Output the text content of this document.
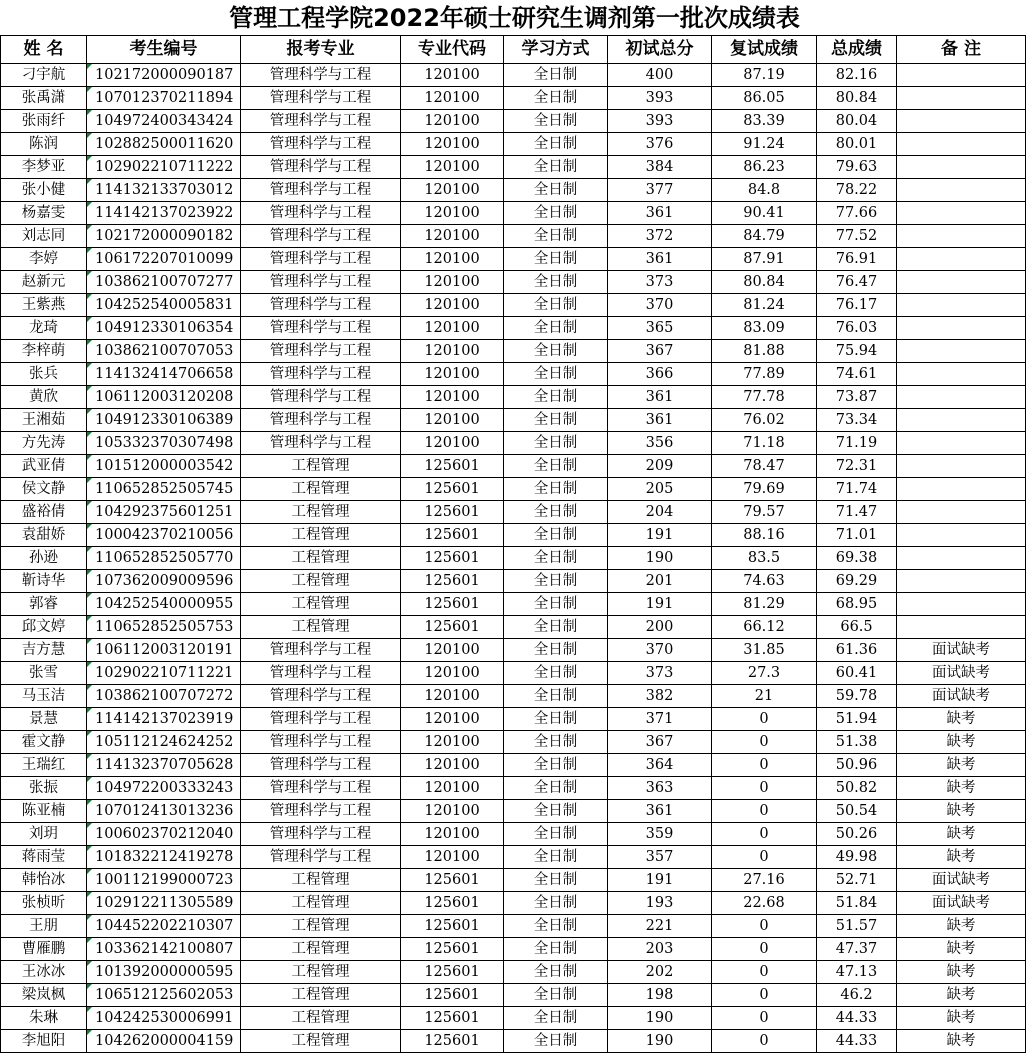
管理工程学院2022年硕士研究生调剂第一批次成绩表
姓 名	考生编号	报考专业	专业代码	学习方式	初试总分	复试成绩	总成绩	备 注
刁宇航	102172000090187	管理科学与工程	120100	全日制	400	87.19	82.16	
张禹潇	107012370211894	管理科学与工程	120100	全日制	393	86.05	80.84	
张雨纤	104972400343424	管理科学与工程	120100	全日制	393	83.39	80.04	
陈润	102882500011620	管理科学与工程	120100	全日制	376	91.24	80.01	
李梦亚	102902210711222	管理科学与工程	120100	全日制	384	86.23	79.63	
张小健	114132133703012	管理科学与工程	120100	全日制	377	84.8	78.22	
杨嘉雯	114142137023922	管理科学与工程	120100	全日制	361	90.41	77.66	
刘志同	102172000090182	管理科学与工程	120100	全日制	372	84.79	77.52	
李婷	106172207010099	管理科学与工程	120100	全日制	361	87.91	76.91	
赵新元	103862100707277	管理科学与工程	120100	全日制	373	80.84	76.47	
王紫燕	104252540005831	管理科学与工程	120100	全日制	370	81.24	76.17	
龙琦	104912330106354	管理科学与工程	120100	全日制	365	83.09	76.03	
李梓萌	103862100707053	管理科学与工程	120100	全日制	367	81.88	75.94	
张兵	114132414706658	管理科学与工程	120100	全日制	366	77.89	74.61	
黄欣	106112003120208	管理科学与工程	120100	全日制	361	77.78	73.87	
王湘茹	104912330106389	管理科学与工程	120100	全日制	361	76.02	73.34	
方先涛	105332370307498	管理科学与工程	120100	全日制	356	71.18	71.19	
武亚倩	101512000003542	工程管理	125601	全日制	209	78.47	72.31	
侯文静	110652852505745	工程管理	125601	全日制	205	79.69	71.74	
盛裕倩	104292375601251	工程管理	125601	全日制	204	79.57	71.47	
袁甜娇	100042370210056	工程管理	125601	全日制	191	88.16	71.01	
孙逊	110652852505770	工程管理	125601	全日制	190	83.5	69.38	
靳诗华	107362009009596	工程管理	125601	全日制	201	74.63	69.29	
郭睿	104252540000955	工程管理	125601	全日制	191	81.29	68.95	
邱文婷	110652852505753	工程管理	125601	全日制	200	66.12	66.5	
吉方慧	106112003120191	管理科学与工程	120100	全日制	370	31.85	61.36	面试缺考
张雪	102902210711221	管理科学与工程	120100	全日制	373	27.3	60.41	面试缺考
马玉洁	103862100707272	管理科学与工程	120100	全日制	382	21	59.78	面试缺考
景慧	114142137023919	管理科学与工程	120100	全日制	371	0	51.94	缺考
霍文静	105112124624252	管理科学与工程	120100	全日制	367	0	51.38	缺考
王瑞红	114132370705628	管理科学与工程	120100	全日制	364	0	50.96	缺考
张振	104972200333243	管理科学与工程	120100	全日制	363	0	50.82	缺考
陈亚楠	107012413013236	管理科学与工程	120100	全日制	361	0	50.54	缺考
刘玥	100602370212040	管理科学与工程	120100	全日制	359	0	50.26	缺考
蒋雨莹	101832212419278	管理科学与工程	120100	全日制	357	0	49.98	缺考
韩怡冰	100112199000723	工程管理	125601	全日制	191	27.16	52.71	面试缺考
张桢昕	102912211305589	工程管理	125601	全日制	193	22.68	51.84	面试缺考
王朋	104452202210307	工程管理	125601	全日制	221	0	51.57	缺考
曹雁鹏	103362142100807	工程管理	125601	全日制	203	0	47.37	缺考
王冰冰	101392000000595	工程管理	125601	全日制	202	0	47.13	缺考
梁岚枫	106512125602053	工程管理	125601	全日制	198	0	46.2	缺考
朱琳	104242530006991	工程管理	125601	全日制	190	0	44.33	缺考
李旭阳	104262000004159	工程管理	125601	全日制	190	0	44.33	缺考
